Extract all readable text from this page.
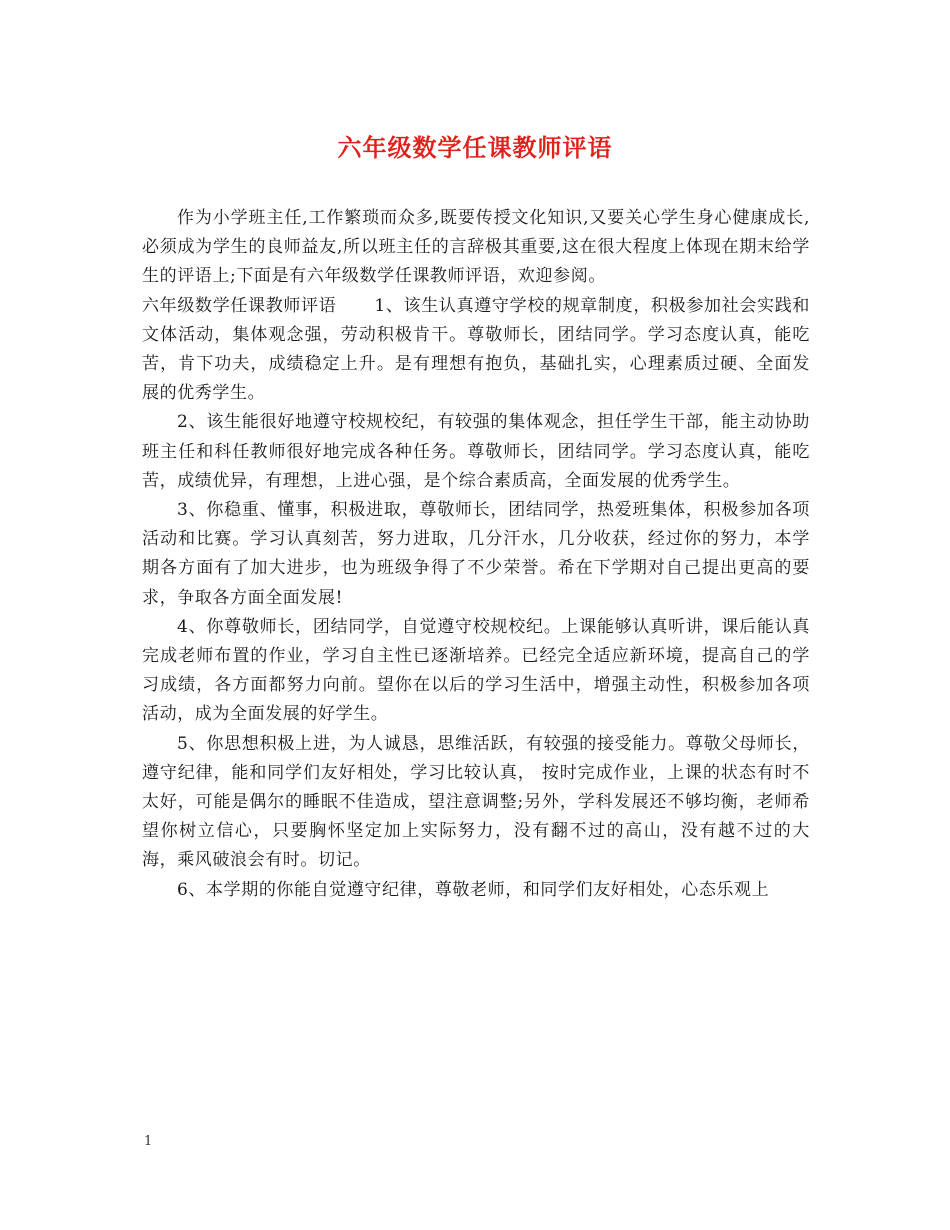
六年级数学任课教师评语

作为小学班主任,工作繁琐而众多,既要传授文化知识,又要关心学生身心健康成长,必须成为学生的良师益友,所以班主任的言辞极其重要,这在很大程度上体现在期末给学生的评语上;下面是有六年级数学任课教师评语，欢迎参阅。

六年级数学任课教师评语 1、该生认真遵守学校的规章制度，积极参加社会实践和文体活动，集体观念强，劳动积极肯干。尊敬师长，团结同学。学习态度认真，能吃苦，肯下功夫，成绩稳定上升。是有理想有抱负，基础扎实，心理素质过硬、全面发展的优秀学生。

2、该生能很好地遵守校规校纪，有较强的集体观念，担任学生干部，能主动协助班主任和科任教师很好地完成各种任务。尊敬师长，团结同学。学习态度认真，能吃苦，成绩优异，有理想，上进心强，是个综合素质高，全面发展的优秀学生。

3、你稳重、懂事，积极进取，尊敬师长，团结同学，热爱班集体，积极参加各项活动和比赛。学习认真刻苦，努力进取，几分汗水，几分收获，经过你的努力，本学期各方面有了加大进步，也为班级争得了不少荣誉。希在下学期对自己提出更高的要求，争取各方面全面发展!

4、你尊敬师长，团结同学，自觉遵守校规校纪。上课能够认真听讲，课后能认真完成老师布置的作业，学习自主性已逐渐培养。已经完全适应新环境，提高自己的学习成绩，各方面都努力向前。望你在以后的学习生活中，增强主动性，积极参加各项活动，成为全面发展的好学生。

5、你思想积极上进，为人诚恳，思维活跃，有较强的接受能力。尊敬父母师长，遵守纪律，能和同学们友好相处，学习比较认真， 按时完成作业，上课的状态有时不太好，可能是偶尔的睡眠不佳造成，望注意调整;另外，学科发展还不够均衡，老师希望你树立信心，只要胸怀坚定加上实际努力，没有翻不过的高山，没有越不过的大海，乘风破浪会有时。切记。

6、本学期的你能自觉遵守纪律，尊敬老师，和同学们友好相处，心态乐观上

1
